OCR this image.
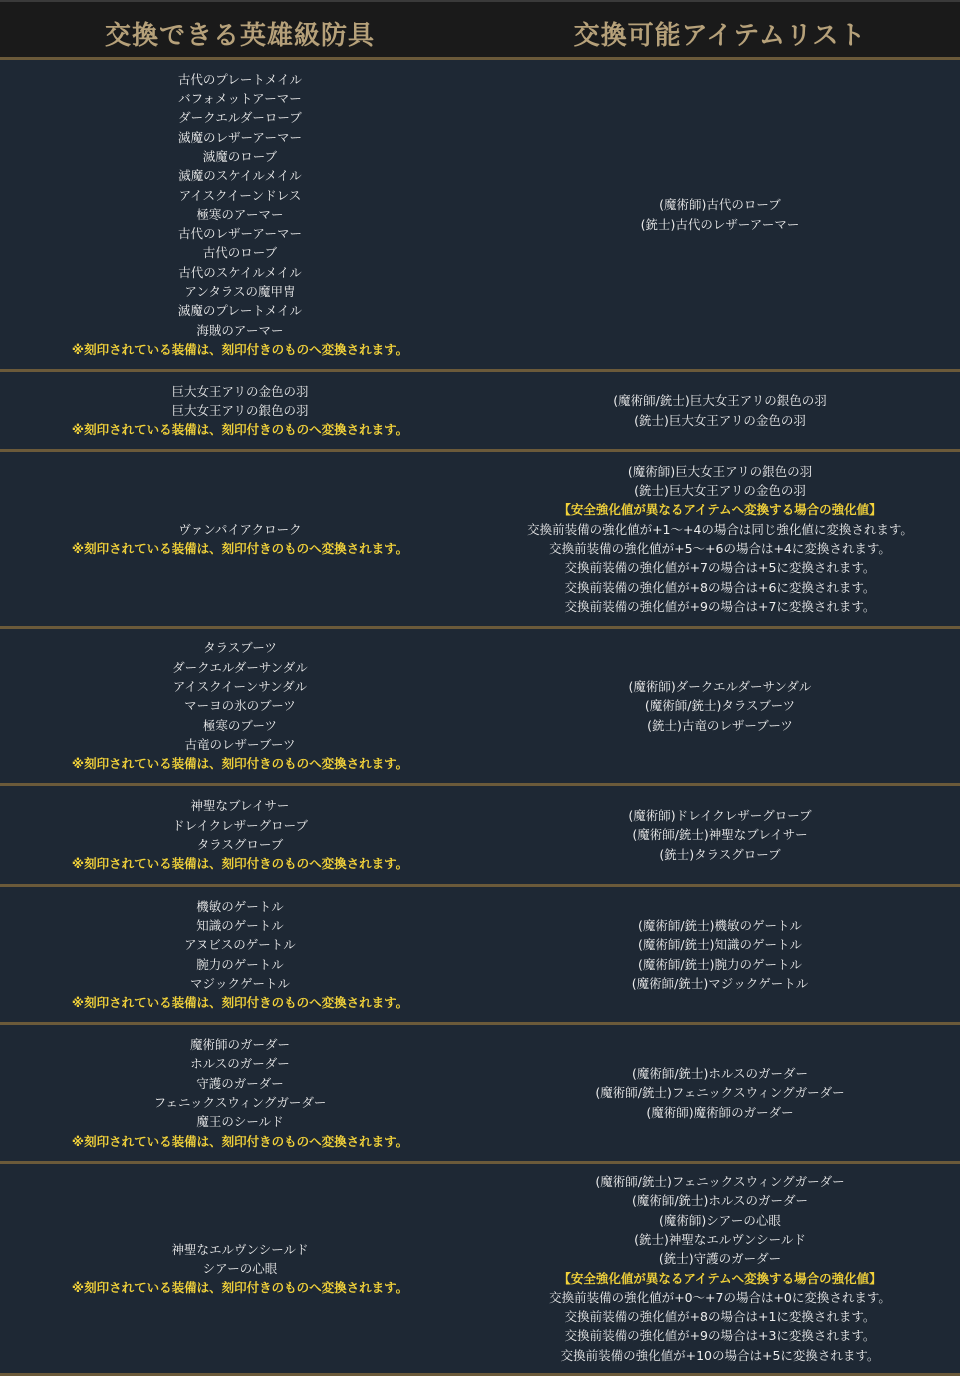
交換できる英雄級防具	交換可能アイテムリスト
古代のプレートメイル
バフォメットアーマー
ダークエルダーローブ
滅魔のレザーアーマー
滅魔のローブ
滅魔のスケイルメイル
アイスクイーンドレス
極寒のアーマー
古代のレザーアーマー
古代のローブ
古代のスケイルメイル
アンタラスの魔甲冑
滅魔のプレートメイル
海賊のアーマー
※刻印されている装備は、刻印付きのものへ変換されます。
(魔術師)古代のローブ
(銃士)古代のレザーアーマー
巨大女王アリの金色の羽
巨大女王アリの銀色の羽
※刻印されている装備は、刻印付きのものへ変換されます。
(魔術師/銃士)巨大女王アリの銀色の羽
(銃士)巨大女王アリの金色の羽
ヴァンパイアクローク
※刻印されている装備は、刻印付きのものへ変換されます。
(魔術師)巨大女王アリの銀色の羽
(銃士)巨大女王アリの金色の羽
【安全強化値が異なるアイテムへ変換する場合の強化値】
交換前装備の強化値が+1～+4の場合は同じ強化値に変換されます。
交換前装備の強化値が+5～+6の場合は+4に変換されます。
交換前装備の強化値が+7の場合は+5に変換されます。
交換前装備の強化値が+8の場合は+6に変換されます。
交換前装備の強化値が+9の場合は+7に変換されます。
タラスブーツ
ダークエルダーサンダル
アイスクイーンサンダル
マーヨの氷のブーツ
極寒のブーツ
古竜のレザーブーツ
※刻印されている装備は、刻印付きのものへ変換されます。
(魔術師)ダークエルダーサンダル
(魔術師/銃士)タラスブーツ
(銃士)古竜のレザーブーツ
神聖なブレイサー
ドレイクレザーグローブ
タラスグローブ
※刻印されている装備は、刻印付きのものへ変換されます。
(魔術師)ドレイクレザーグローブ
(魔術師/銃士)神聖なブレイサー
(銃士)タラスグローブ
機敏のゲートル
知識のゲートル
アヌビスのゲートル
腕力のゲートル
マジックゲートル
※刻印されている装備は、刻印付きのものへ変換されます。
(魔術師/銃士)機敏のゲートル
(魔術師/銃士)知識のゲートル
(魔術師/銃士)腕力のゲートル
(魔術師/銃士)マジックゲートル
魔術師のガーダー
ホルスのガーダー
守護のガーダー
フェニックスウィングガーダー
魔王のシールド
※刻印されている装備は、刻印付きのものへ変換されます。
(魔術師/銃士)ホルスのガーダー
(魔術師/銃士)フェニックスウィングガーダー
(魔術師)魔術師のガーダー
神聖なエルヴンシールド
シアーの心眼
※刻印されている装備は、刻印付きのものへ変換されます。
(魔術師/銃士)フェニックスウィングガーダー
(魔術師/銃士)ホルスのガーダー
(魔術師)シアーの心眼
(銃士)神聖なエルヴンシールド
(銃士)守護のガーダー
【安全強化値が異なるアイテムへ変換する場合の強化値】
交換前装備の強化値が+0～+7の場合は+0に変換されます。
交換前装備の強化値が+8の場合は+1に変換されます。
交換前装備の強化値が+9の場合は+3に変換されます。
交換前装備の強化値が+10の場合は+5に変換されます。
